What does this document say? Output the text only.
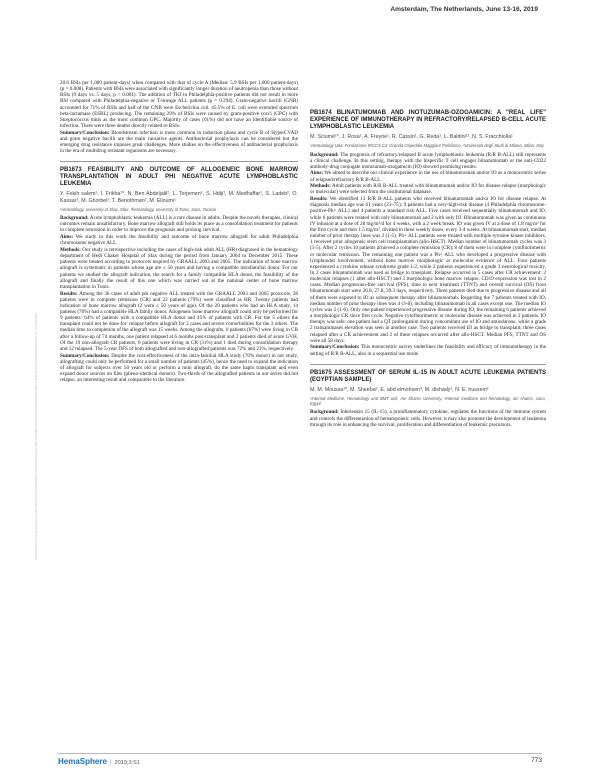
Amsterdam, The Netherlands, June 13-16, 2019
Downloaded from http://journals.lww.com/hemasphere by BhDMf5ePHKav1zEoum1tQfN4a+kJLhEZgbsIHo4XMi0hCywCX1AWnYQp/IlQrHD3i3D0OdRyi7TvSFl4Cf3VC4/OAVpDDa8KKGKV0Ymy+78= on 03/21/2024

20.6 BSIs per 1,000 patient-days) when compared with that of cycle A (Median: 5.9 BSIs per 1,000 patient-days) (p = 0.008). Patients with BSIs were associated with significantly longer duration of neutropenia than those without BSIs (9 days vs. 5 days, p < 0.001). The addition of TKI in Philadelphia-positive patients did not result in more BSI compared with Philadelphia-negative or T-lineage ALL patients (p = 0.294). Gram-negative bacilli (GNB) accounted for 71% of BSIs and half of the GNB were Escherichia coli. 45.5% of E. coli were extended spectrum beta-lactamase (ESBL) producing. The remaining 29% of BSIs were caused by gram-positive cocci (GPC) with Streptococcus mitis as the most common GPC. Majority of cases (61%) did not have an identifiable source of infection. There were three deaths directly related to BSIs.

Summary/Conclusion: Bloodstream infection is more common in induction phase and cycle B of HyperCVAD and gram negative bacilli are the main causative agents. Antibacterial prophylaxis can be considered but the emerging drug resistance imposes great challenges. More studies on the effectiveness of antibacterial prophylaxis in the era of multidrug resistant organisms are necessary.

PB1673 FEASIBILITY AND OUTCOME OF ALLOGENEIC BONE MARROW TRANSPLANTATION IN ADULT PHI NEGATIVE ACUTE LYMPHOBLASTIC LEUKEMIA
Y. Fekih salem¹, I. Frikha¹*, N. Ben Abdeljalil², L. Torjemen², S. Hdiji¹, M. Medhaffar¹, S. Ladeb², O. Kassar¹, M. Ghorbel¹, T. Benothman², M. Elloumi¹
¹Hematology, university of Sfax, Sfax, ²hematology, university of Tunis, tunis, Tunisia

Background: Acute lymphoblastic leukemia (ALL) is a rare disease in adults. Despite the novels therapies, clinical outcomes remain unsatisfactory. Bone marrow allograft still holds its place as a consolidation treatment for patients in complete remission in order to improve the prognosis and prolong survival.

Aims: We study in this work the feasibility and outcome of bone marrow allograft for adult Philadelphia chromosome negative ALL.

Methods: Our study is retrospective including the cases of high-risk adult ALL (HR) diagnosed in the hematology department of Hedi Chaker Hospital of Sfax during the period from January 2004 to December 2015. These patients were treated according to protocols inspired by GRAALL 2003 and 2005. The indication of bone marrow allograft is systematic in patients whose age are ≤ 50 years and having a compatible intrafamilial donor. For our patients we studied the allograft indication, the search for a family compatible HLA donor, the feasibility of the allograft and finally the result of this one which was carried out at the national center of bone marrow transplantation in Tunis.

Results: Among the 36 cases of adult phi negative ALL treated with the GRAALL 2003 and 2005 protocols, 28 patients were in complete remission (CR) and 22 patients (79%) were classified as HR. Twenty patients had indication of bone marrow allograft (2 were ≤ 50 years of age). Of the 20 patients who had an HLA study, 14 patients (70%) had a compatible HLA family donor. Allogeneic bone marrow allograft could only be performed for 9 patients: 64% of patients with a compatible HLA donor and 45% of patients with CR. For the 5 others the transplant could not be done for: relapse before allograft for 2 cases and severe comorbidities for the 3 others. The median time to completion of the allograft was 15 weeks. Among the allografts, 6 patients (67%) were living in CR after a follow-up of 74 months, one patient relapsed at 6 months post-transplant and 2 patients died of acute GVH. Of the 19 non-allograft CR patients, 6 patients were living in CR (31%) and 1 died during consolidation therapy and 12 relapsed. The 5-year DFS of both allografted and non-allografted patients was 72% and 21%, respectively.

Summary/Conclusion: Despite the cost-effectiveness of the intra-familial HLA study (70% donor) in our study, allografting could only be performed for a small number of patients (45%), hence the need to expand the indication of allograft for subjects over 50 years old or perform a mini allograft, do the same haplo transplant and even expand donor sources on files (pheno-identical donors). Two-thirds of the allografted patients in our series did not relapse, an interesting result and comparable to the literature.

PB1674 BLINATUMOMAB AND INOTUZUMAB-OZOGAMICIN: A "REAL LIFE" EXPERIENCE OF IMMUNOTHERAPY IN REFRACTORY/RELAPSED B-CELL ACUTE LYMPHOBLASTIC LEUKEMIA
M. Sciumè¹*, J. Rosa¹, A. Freyrie¹, R. Cassin¹, G. Reda¹, L. Baldini¹², N. S. Fracchiolla¹
¹Hematology Unit, Fondazione IRCCS Ca' Granda Ospedale Maggiore Policlinico, ²Università degli Studi di Milano, Milan, Italy

Background: The prognosis of refractory/relapsed B acute lymphoblastic leukemia (R/R B-ALL) still represents a clinical challenge. In this setting, therapy with the bispecific T cell engager blinatumomab or the anti-CD22 antibody-drug conjugate inotuzumab-ozogamicin (IO) showed promising results.

Aims: We aimed to describe our clinical experience in the use of blinatumomab and/or IO as a monocentric series of relapsed/refractory R/R B-ALL.

Methods: Adult patients with R/R B-ALL treated with blinatumomab and/or IO for disease relapse (morphologic or molecular) were selected from the institutional database.

Results: We identified 13 R/R B-ALL patients who received blinatumomab and/or IO for disease relapse. At diagnosis median age was 61 years (23–75); 9 patients had a very-high-risk disease (4 Philadelphia chromosome-positive-Ph+ ALL) and 4 patients a standard risk ALL. Five cases received sequentially blinatumomab and IO, while 6 patients were treated with only blinatumomab and 2 with only IO. Blinatumomab was given as continuous IV infusion at a dose of 28 mg/m²/d for 4 weeks, with a 2 week break. IO was given IV at a dose of 1.8 mg/m² for the first cycle and then 1.5 mg/m², divided in three weekly doses, every 3-4 weeks. At blinatumomab start, median number of prior therapy lines was 2 (1-5). Ph+ ALL patients were treated with multiple tyrosine kinase inhibitors, 1 received prior allogeneic stem cell transplantation (allo-HSCT). Median number of blinatumomab cycles was 3 (1-5). After 2 cycles 10 patients achieved a complete remission (CR); 8 of them were in complete cytofluorimetric or molecular remission. The remaining one patient was a Ph+ ALL who developed a progressive disease with lymphnodes involvement, without bone marrow morphologic or molecular evidence of ALL. Four patients experienced a cytokine release syndrome grade 1/2, while 2 patients experienced a grade 3 neurological toxicity. In 2 cases blinatumomab was used as bridge to transplant. Relapse occurred in 5 cases after CR achievement: 2 molecular relapses (1 after allo-HSCT) and 3 morphologic bone marrow relapse. CD19 expression was lost in 2 cases. Median progression-free survival (PFS), time to next treatment (TTNT) and overall survival (OS) from blinatumomab start were 26.8, 27.8, 39.3 days, respectively. Three patients died due to progressive disease and all of them were exposed to IO as subsequent therapy after blinatumomab. Regarding the 7 patients treated with IO, median number of prior therapy lines was 4 (3-8), including blinatumomab in all cases except one. The median IO cycles was 2 (1-6). Only one patient experienced progressive disease during IO, the remaining 6 patients achieved a morphologic CR since first cycle. Negative cytofluorimetric or molecular disease was achieved in 2 patients. IO therapy was safe: one patient had a QT prolongation during concomitant use of IO and amiodarone, while a grade 2 transaminases elevation was seen in another case. Two patients received IO as bridge to transplant; three cases relapsed after a CR achievement and 2 of these relapses occurred after allo-HSCT. Median PFS, TTNT and OS were all 58 days.

Summary/Conclusion: This monocentric survey underlines the feasibility and efficacy of immunotherapy in the setting of R/R B-ALL, also in a sequential use mode.

PB1675 ASSESSMENT OF SERUM IL-15 IN ADULT ACUTE LEUKEMIA PATIENTS (EGYPTIAN SAMPLE)
M. M. Moussa¹*, M. Sheeba², E. abd elmohsen³, M. dishady¹, N. E. hussein³
¹Internal Medicine, Hematology and BMT unit, Ain Shams University, ²internal medicine and hematology, ain shams, cairo, Egypt

Background: Interleukin 15 (IL-15), a proinflammatory cytokine, regulates the functions of the immune system and controls the differentiation of hematopoietic cells. However, it may also promote the development of leukemia through its role in enhancing the survival, proliferation and differentiation of leukemic precursors.

HemaSphere | 2019;3:S1	773
